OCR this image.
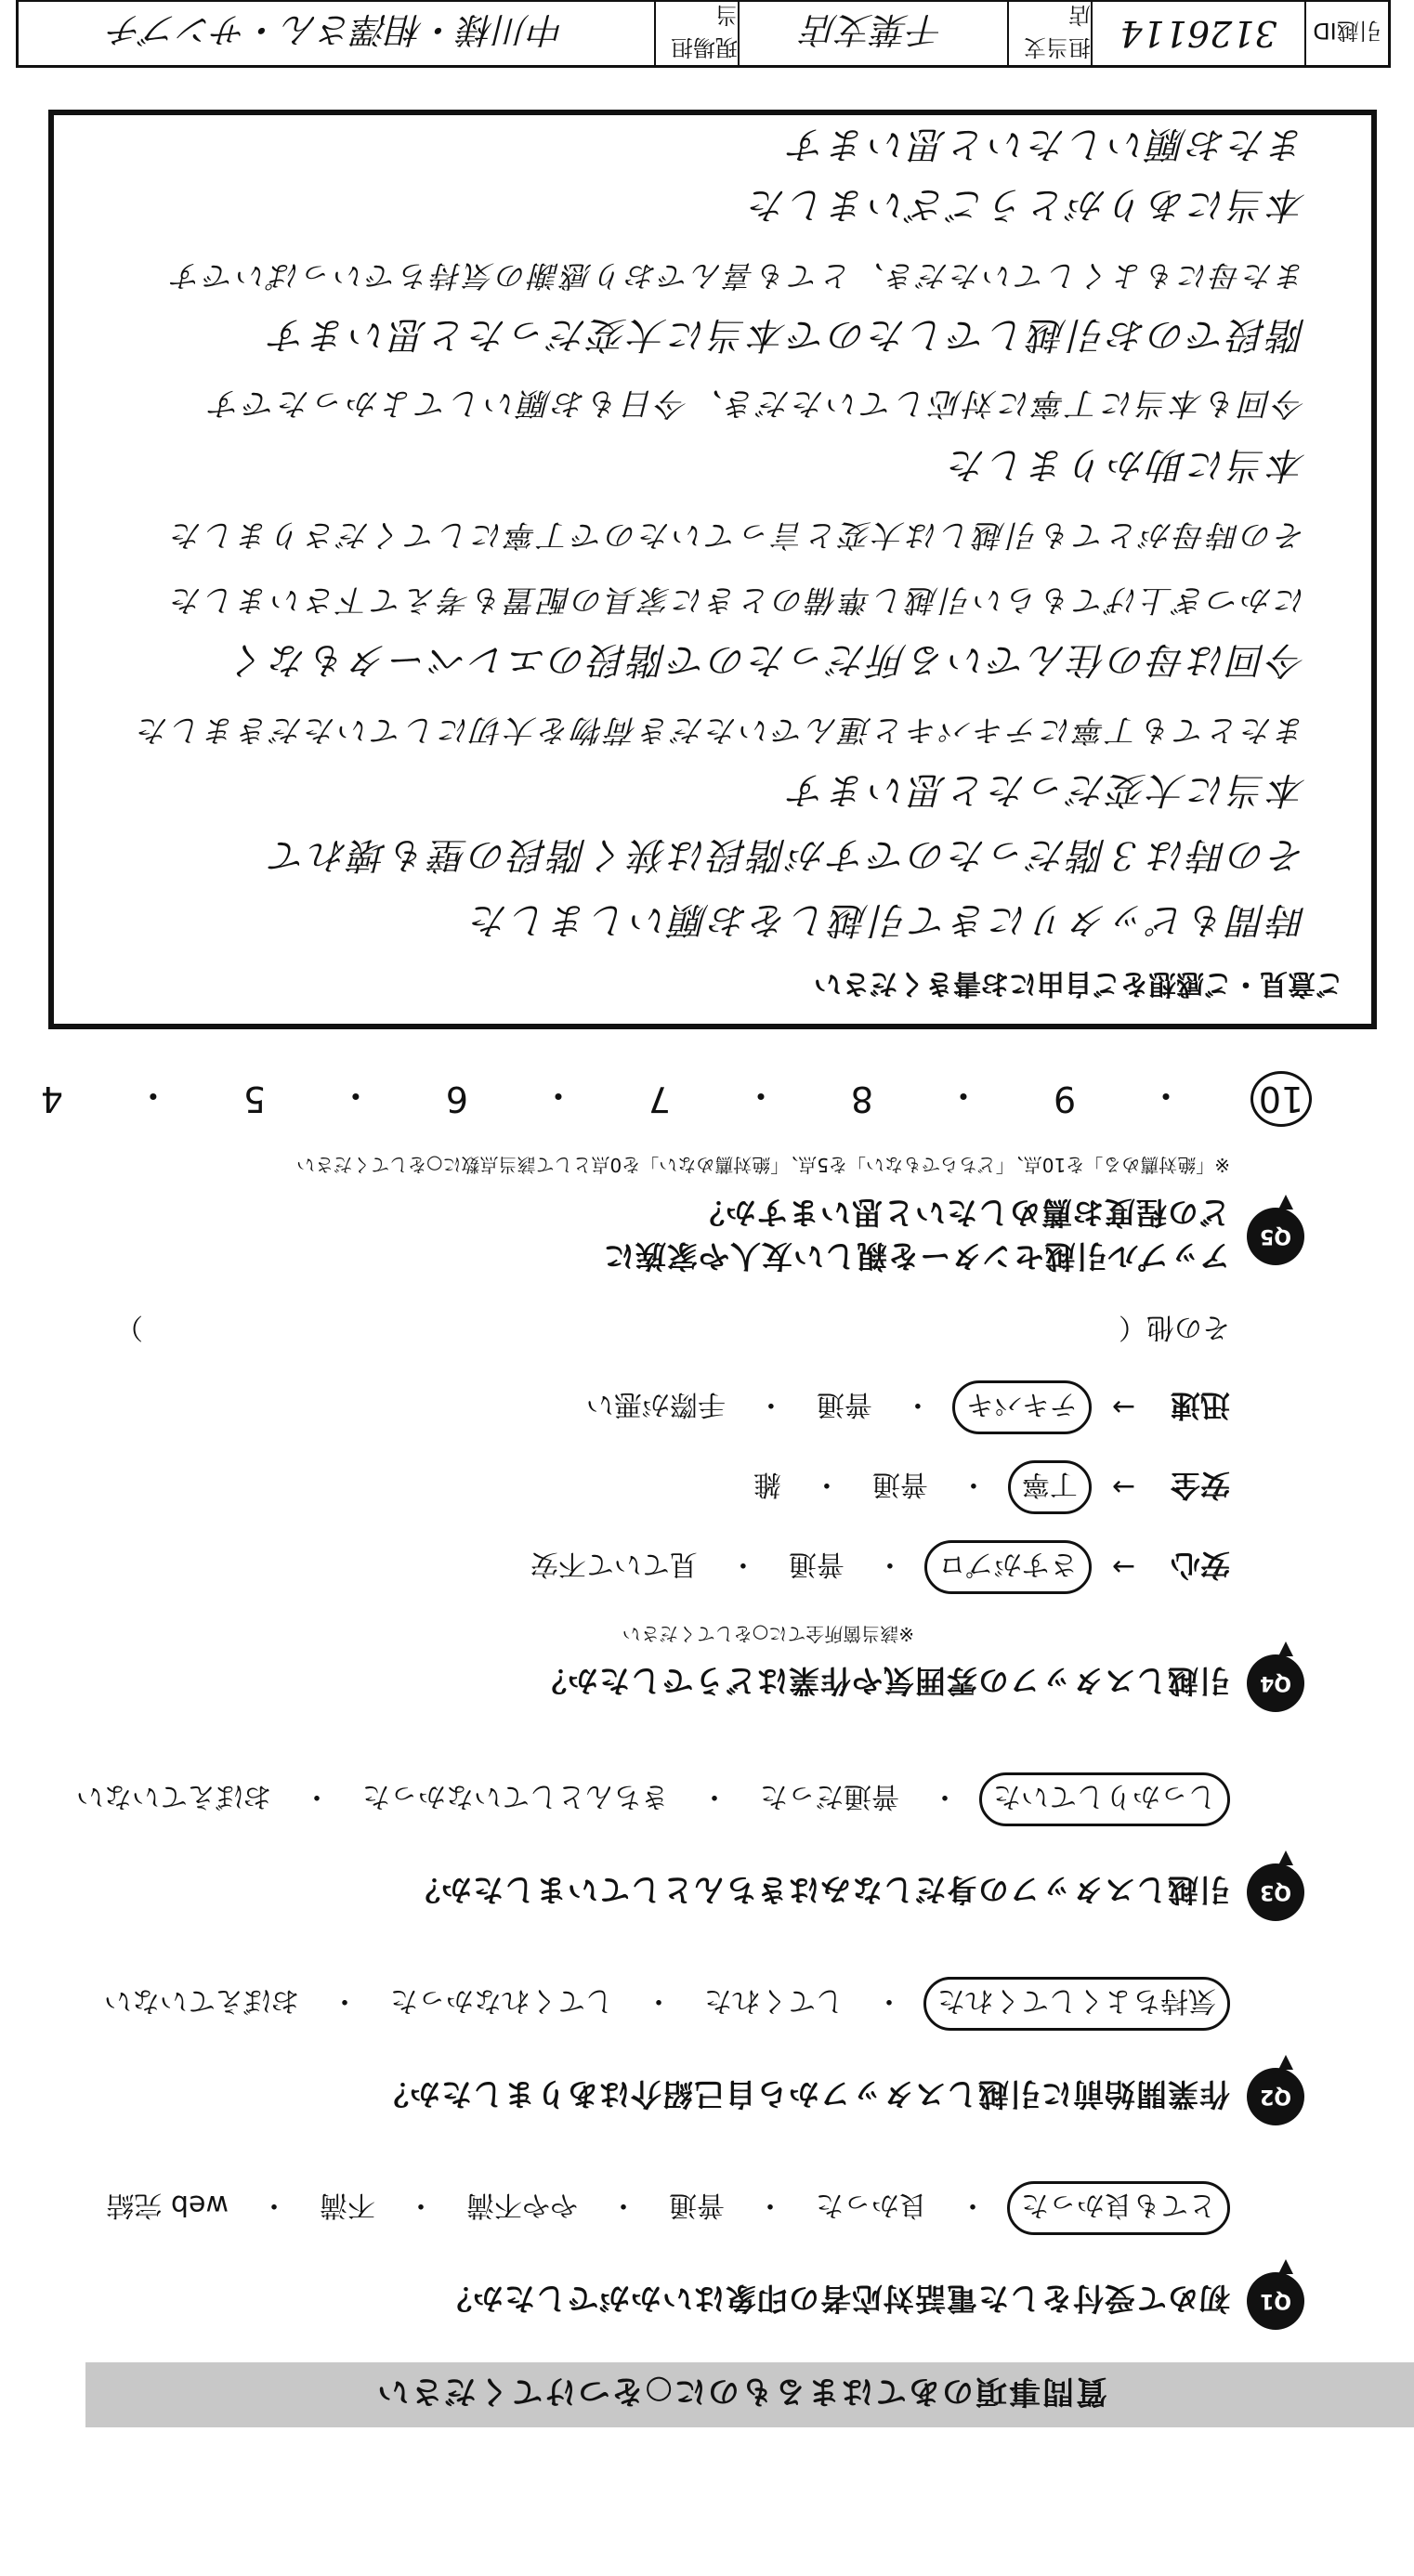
質問事項のあてはまるものに○をつけてください
Q1
初めて受付をした電話対応者の印象はいかがでしたか？
とても良かった
・
良かった
・
普通
・
やや不満
・
不満
・
web 完結
Q2
作業開始前に引越しスタッフから自己紹介はありましたか？
気持ちよくしてくれた
・
してくれた
・
してくれなかった
・
おぼえていない
Q3
引越しスタッフの身だしなみはきちんとしていましたか？
しっかりしていた
・
普通だった
・
きちんとしていなかった
・
おぼえていない
Q4
引越しスタッフの雰囲気や作業はどうでしたか？
※該当箇所全てに○をしてください
安心
→
さすがプロ
・
普通
・
見ていて不安
安全
→
丁寧
・
普通
・
雑
迅速
→
テキパキ
・
普通
・
手際が悪い
その他（
）
Q5
アップル引越センターを親しい友人や家族に
どの程度お薦めしたいと思いますか？
※「絶対薦める」を10点、「どちらでもない」を5点、「絶対薦めない」を0点として該当点数に○をしてください
10
・
9
・
8
・
7
・
6
・
5
・
4
ご意見・ご感想をご自由にお書きください
時間もピッタリにきて引越しをお願いしました
その時は３階だったのですが階段は狭く階段の壁も壊れて
本当に大変だったと思います
またとても丁寧にテキパキと運んでいただき荷物を大切にしていただきました
今回は母の住んでいる所だったので階段のエレベータもなく
にかつぎ上げてもらい引越し準備のときに家具の配置も考えて下さいました
その時母がとても引越しは大変と言っていたので丁寧にしてくださりました
本当に助かりました
今回も本当に丁寧に対応していただき、今日もお願いしてよかったです
階段でのお引越しでしたので本当に大変だったと思います
また母にもよくしていただき、とても喜んでおり感謝の気持ちでいっぱいです
本当にありがとうございました
またお願いしたいと思います
引越ID
3126114
担当支店
千葉支店
現場担当
中川様・相澤さん・サンブチ
